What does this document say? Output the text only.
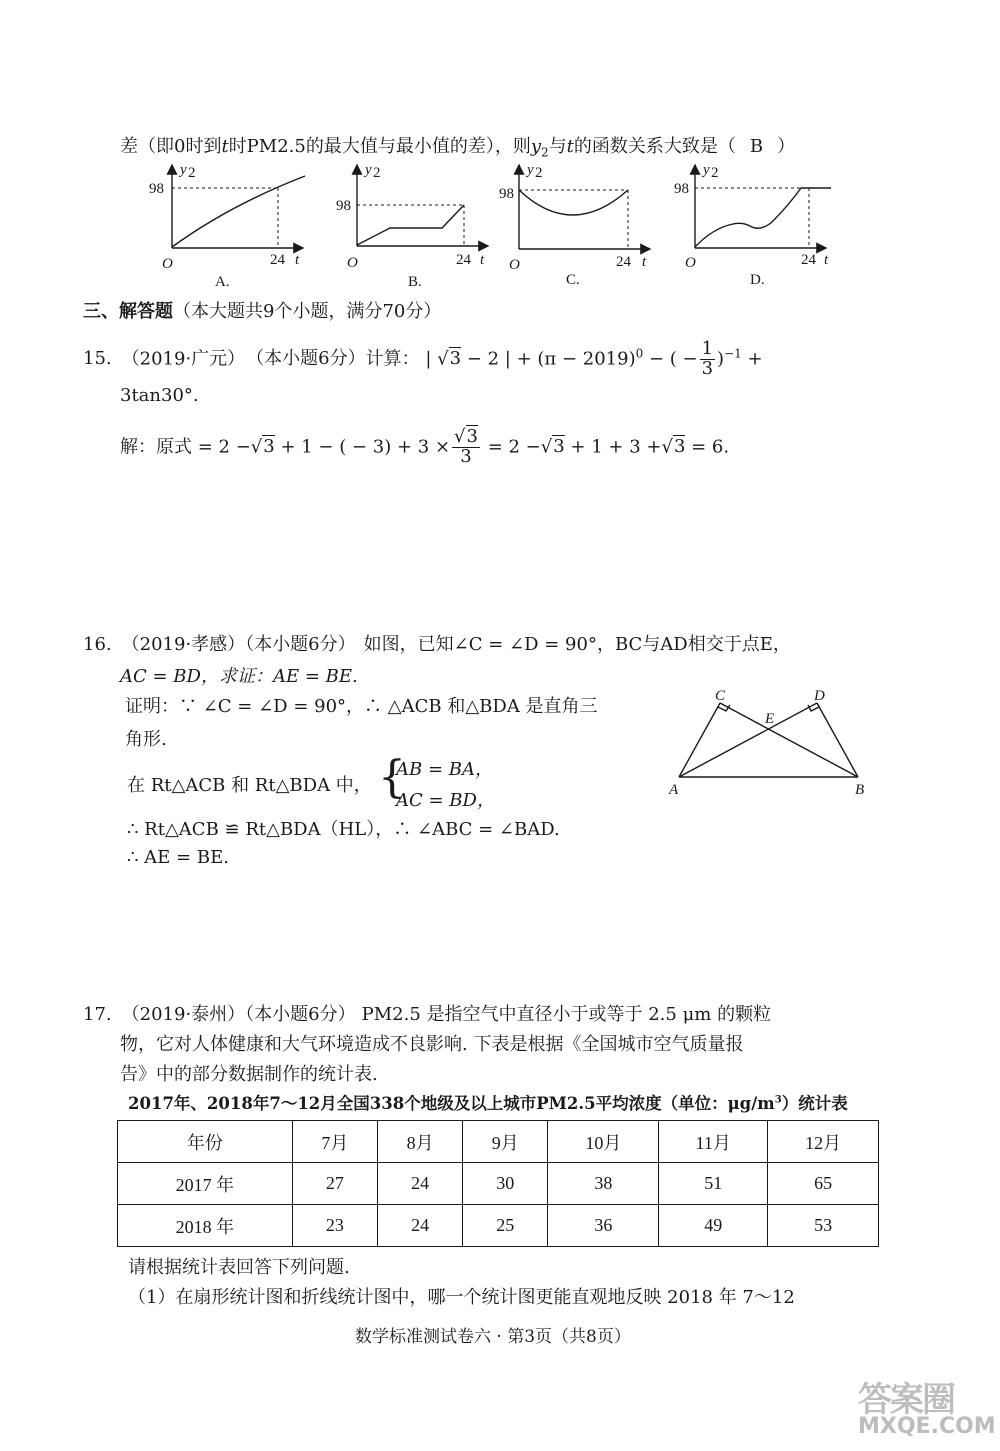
差（即0时到t时PM2.5的最大值与最小值的差），则$y_2$与t的函数关系大致是（ B ）
98
24
O	t
y 2
A.
98
24
O	t
y 2
B.
98
24
O	t
y 2
C.
98
24
O	t
y 2
D.
三、解答题（本大题共9个小题，满分70分）
15. （2019·广元） （本小题6分）计算： | √3 − 2 | + $(\pi - 2019)^0$ − ( − $\frac{1}{3} )^{-1}$ +
3tan30°.
解：原式 = 2 −√3 + 1 − ( − $3) + 3 \times \frac{√3}{3} = 2 -√3 + 1 + 3 +√3 = 6$.
16. （2019·孝感）（本小题6分） 如图，已知∠C = ∠D = 90°，BC与AD相交于点E，
AC = BD，求证：AE = BE.
证明：∵ ∠C = ∠D = 90°，∴ △ACB 和△BDA 是直角三
角形.
在 Rt△ACB 和 Rt△BDA 中， {
AB = BA，
AC = BD，
∴ Rt△ACB ≌ Rt△BDA（HL），∴ ∠ABC = ∠BAD.
∴ AE = BE.
A	B
C	D
E
17. （2019·泰州）（本小题6分） PM2.5 是指空气中直径小于或等于 2.5 μm 的颗粒
物，它对人体健康和大气环境造成不良影响. 下表是根据《全国城市空气质量报
告》中的部分数据制作的统计表.
2017年、2018年7～12月全国338个地级及以上城市PM2.5平均浓度（单位：$\mu g/m^3$）统计表
年份	7月	8月	9月	10月	11月	12月
2017 年	27	24	30	38	51	65
2018 年	23	24	25	36	49	53
请根据统计表回答下列问题.
（1）在扇形统计图和折线统计图中，哪一个统计图更能直观地反映 2018 年 7～12
数学标准测试卷六 · 第3页（共8页）
答案圈
MXQE.COM
